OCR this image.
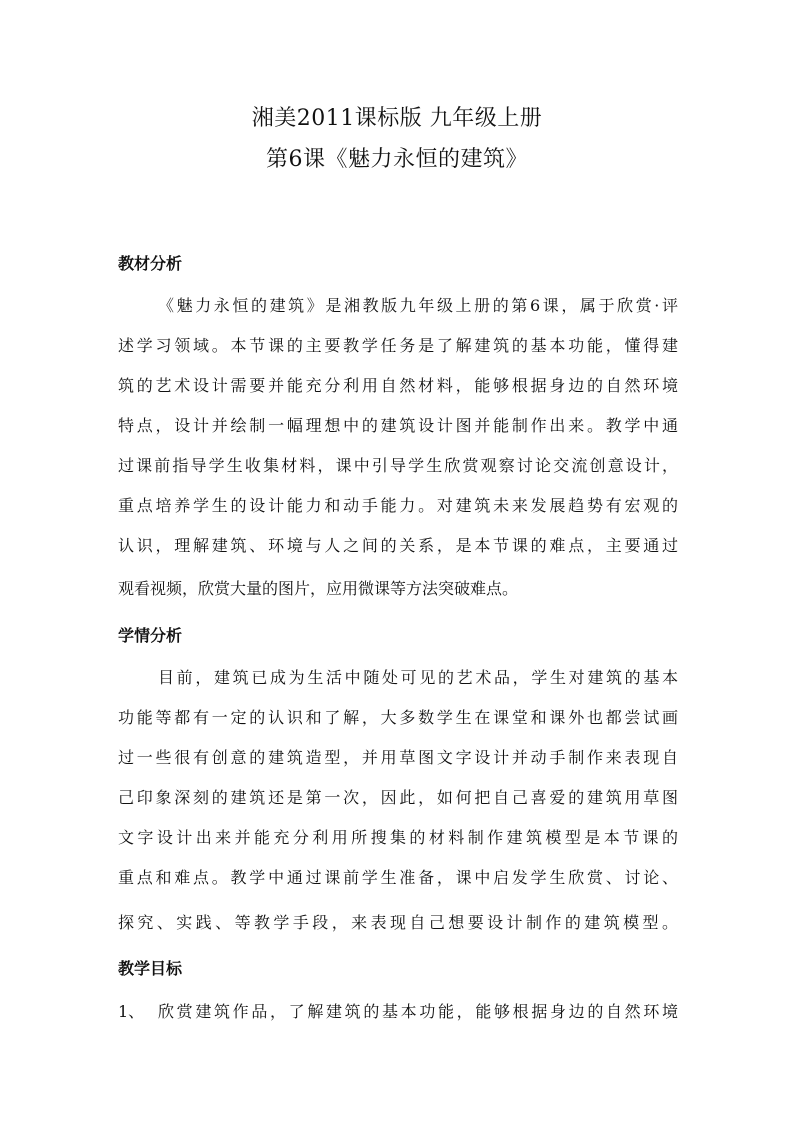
湘美2011课标版 九年级上册
第6课《魅力永恒的建筑》
教材分析
《魅力永恒的建筑》是湘教版九年级上册的第6课，属于欣赏·评
述学习领域。本节课的主要教学任务是了解建筑的基本功能，懂得建
筑的艺术设计需要并能充分利用自然材料，能够根据身边的自然环境
特点，设计并绘制一幅理想中的建筑设计图并能制作出来。教学中通
过课前指导学生收集材料，课中引导学生欣赏观察讨论交流创意设计，
重点培养学生的设计能力和动手能力。对建筑未来发展趋势有宏观的
认识，理解建筑、环境与人之间的关系，是本节课的难点，主要通过
观看视频，欣赏大量的图片，应用微课等方法突破难点。
学情分析
目前，建筑已成为生活中随处可见的艺术品，学生对建筑的基本
功能等都有一定的认识和了解，大多数学生在课堂和课外也都尝试画
过一些很有创意的建筑造型，并用草图文字设计并动手制作来表现自
己印象深刻的建筑还是第一次，因此，如何把自己喜爱的建筑用草图
文字设计出来并能充分利用所搜集的材料制作建筑模型是本节课的
重点和难点。教学中通过课前学生准备，课中启发学生欣赏、讨论、
探究、实践、等教学手段，来表现自己想要设计制作的建筑模型。
教学目标
1、 欣赏建筑作品，了解建筑的基本功能，能够根据身边的自然环境
